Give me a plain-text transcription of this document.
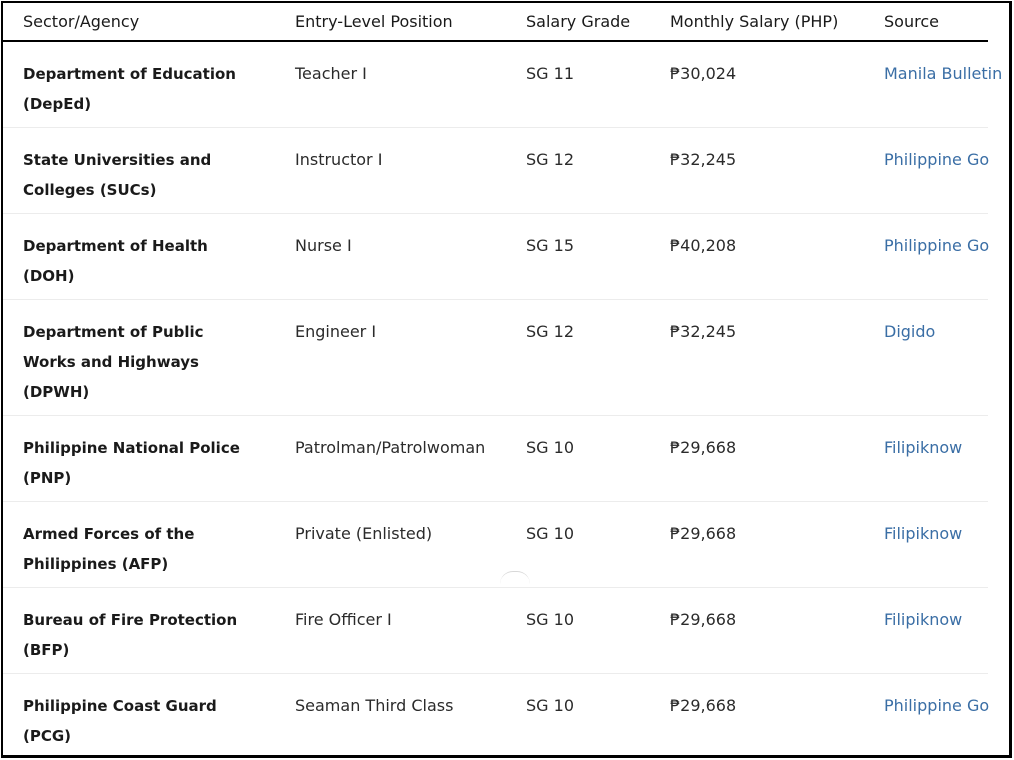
Sector/Agency	Entry-Level Position	Salary Grade	Monthly Salary (PHP)	Source
Department of Education (DepEd)	Teacher I	SG 11	₱30,024	Manila Bulletin
State Universities and Colleges (SUCs)	Instructor I	SG 12	₱32,245	Philippine Go
Department of Health (DOH)	Nurse I	SG 15	₱40,208	Philippine Go
Department of Public Works and Highways (DPWH)	Engineer I	SG 12	₱32,245	Digido
Philippine National Police (PNP)	Patrolman/Patrolwoman	SG 10	₱29,668	Filipiknow
Armed Forces of the Philippines (AFP)	Private (Enlisted)	SG 10	₱29,668	Filipiknow
Bureau of Fire Protection (BFP)	Fire Officer I	SG 10	₱29,668	Filipiknow
Philippine Coast Guard (PCG)	Seaman Third Class	SG 10	₱29,668	Philippine Go
